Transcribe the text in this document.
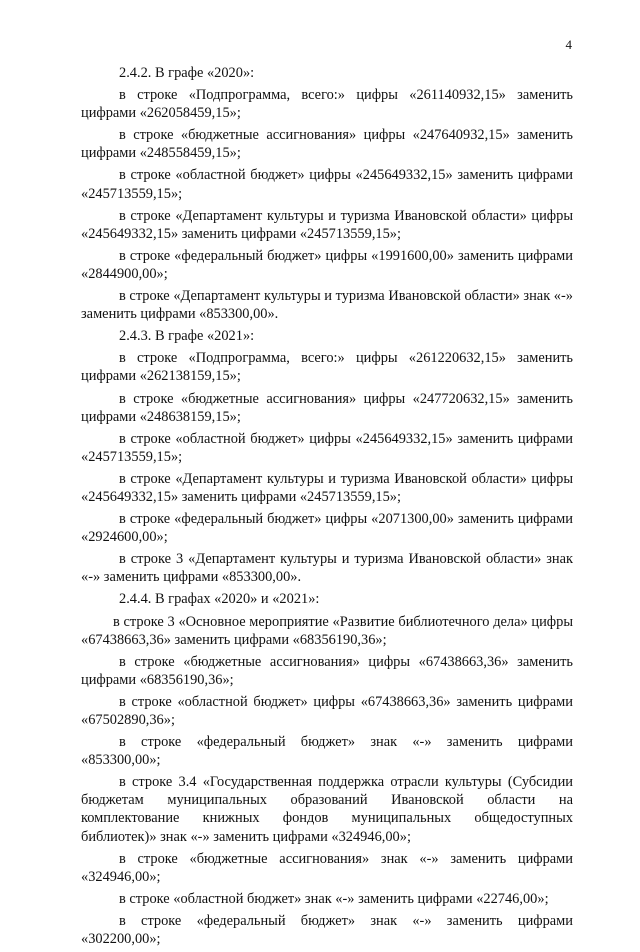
4

2.4.2. В графе «2020»:

в строке «Подпрограмма, всего:» цифры «261140932,15» заменить цифрами «262058459,15»;

в строке «бюджетные ассигнования» цифры «247640932,15» заменить цифрами «248558459,15»;

в строке «областной бюджет» цифры «245649332,15» заменить цифрами «245713559,15»;

в строке «Департамент культуры и туризма Ивановской области» цифры «245649332,15» заменить цифрами «245713559,15»;

в строке «федеральный бюджет» цифры «1991600,00» заменить цифрами «2844900,00»;

в строке «Департамент культуры и туризма Ивановской области» знак «-» заменить цифрами «853300,00».

2.4.3. В графе «2021»:

в строке «Подпрограмма, всего:» цифры «261220632,15» заменить цифрами «262138159,15»;

в строке «бюджетные ассигнования» цифры «247720632,15» заменить цифрами «248638159,15»;

в строке «областной бюджет» цифры «245649332,15» заменить цифрами «245713559,15»;

в строке «Департамент культуры и туризма Ивановской области» цифры «245649332,15» заменить цифрами «245713559,15»;

в строке «федеральный бюджет» цифры «2071300,00» заменить цифрами «2924600,00»;

в строке 3 «Департамент культуры и туризма Ивановской области» знак «-» заменить цифрами «853300,00».

2.4.4. В графах «2020» и «2021»:

в строке 3 «Основное мероприятие «Развитие библиотечного дела» цифры «67438663,36» заменить цифрами «68356190,36»;

в строке «бюджетные ассигнования» цифры «67438663,36» заменить цифрами «68356190,36»;

в строке «областной бюджет» цифры «67438663,36» заменить цифрами «67502890,36»;

в строке «федеральный бюджет» знак «-» заменить цифрами «853300,00»;

в строке 3.4 «Государственная поддержка отрасли культуры (Субсидии бюджетам муниципальных образований Ивановской области на комплектование книжных фондов муниципальных общедоступных библиотек)» знак «-» заменить цифрами «324946,00»;

в строке «бюджетные ассигнования» знак «-» заменить цифрами «324946,00»;

в строке «областной бюджет» знак «-» заменить цифрами «22746,00»;

в строке «федеральный бюджет» знак «-» заменить цифрами «302200,00»;
